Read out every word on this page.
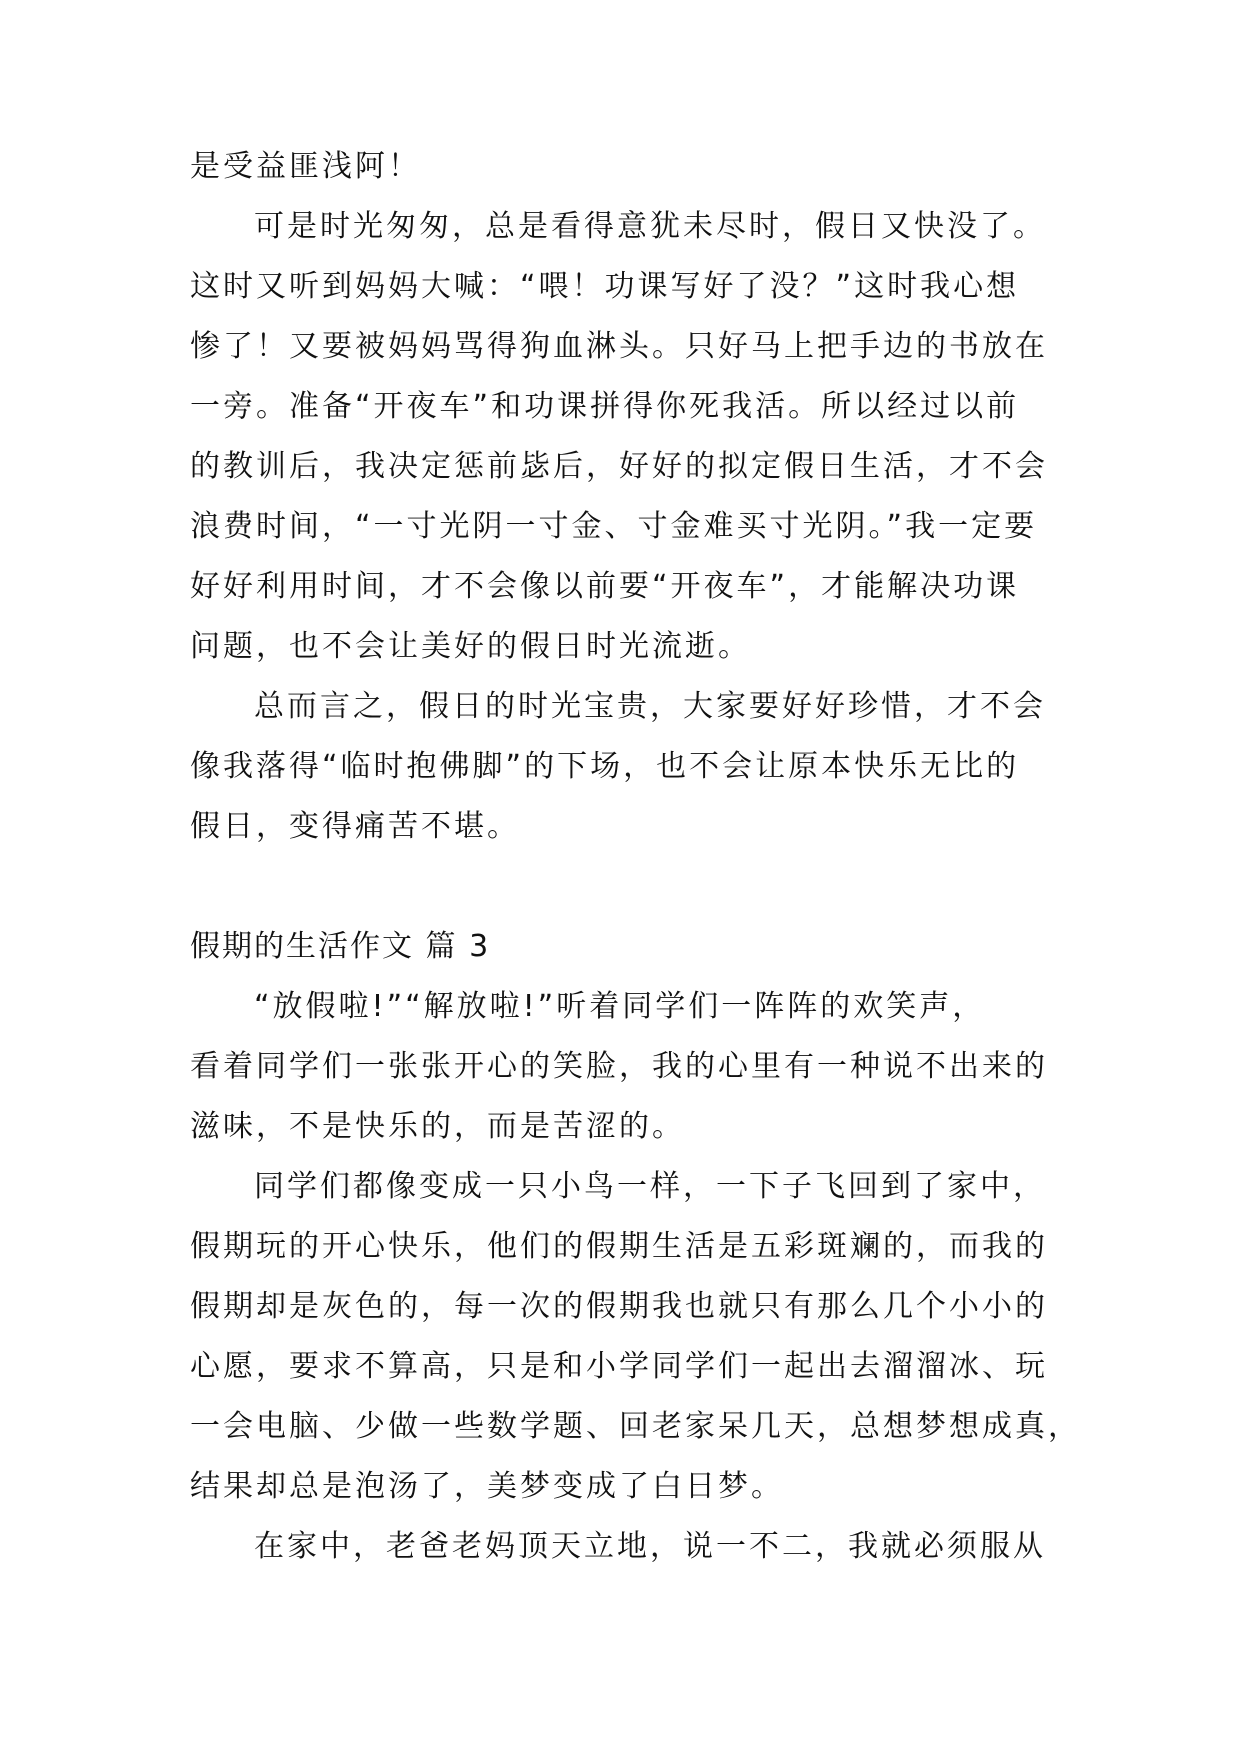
是受益匪浅阿！
可是时光匆匆，总是看得意犹未尽时，假日又快没了。
这时又听到妈妈大喊：“喂！功课写好了没？”这时我心想
惨了！又要被妈妈骂得狗血淋头。只好马上把手边的书放在
一旁。准备“开夜车”和功课拼得你死我活。所以经过以前
的教训后，我决定惩前毖后，好好的拟定假日生活，才不会
浪费时间，“一寸光阴一寸金、寸金难买寸光阴。”我一定要
好好利用时间，才不会像以前要“开夜车”，才能解决功课
问题，也不会让美好的假日时光流逝。
总而言之，假日的时光宝贵，大家要好好珍惜，才不会
像我落得“临时抱佛脚”的下场，也不会让原本快乐无比的
假日，变得痛苦不堪。
假期的生活作文 篇 3
“放假啦!”“解放啦!”听着同学们一阵阵的欢笑声，
看着同学们一张张开心的笑脸，我的心里有一种说不出来的
滋味，不是快乐的，而是苦涩的。
同学们都像变成一只小鸟一样，一下子飞回到了家中，
假期玩的开心快乐，他们的假期生活是五彩斑斓的，而我的
假期却是灰色的，每一次的假期我也就只有那么几个小小的
心愿，要求不算高，只是和小学同学们一起出去溜溜冰、玩
一会电脑、少做一些数学题、回老家呆几天，总想梦想成真，
结果却总是泡汤了，美梦变成了白日梦。
在家中，老爸老妈顶天立地，说一不二，我就必须服从
